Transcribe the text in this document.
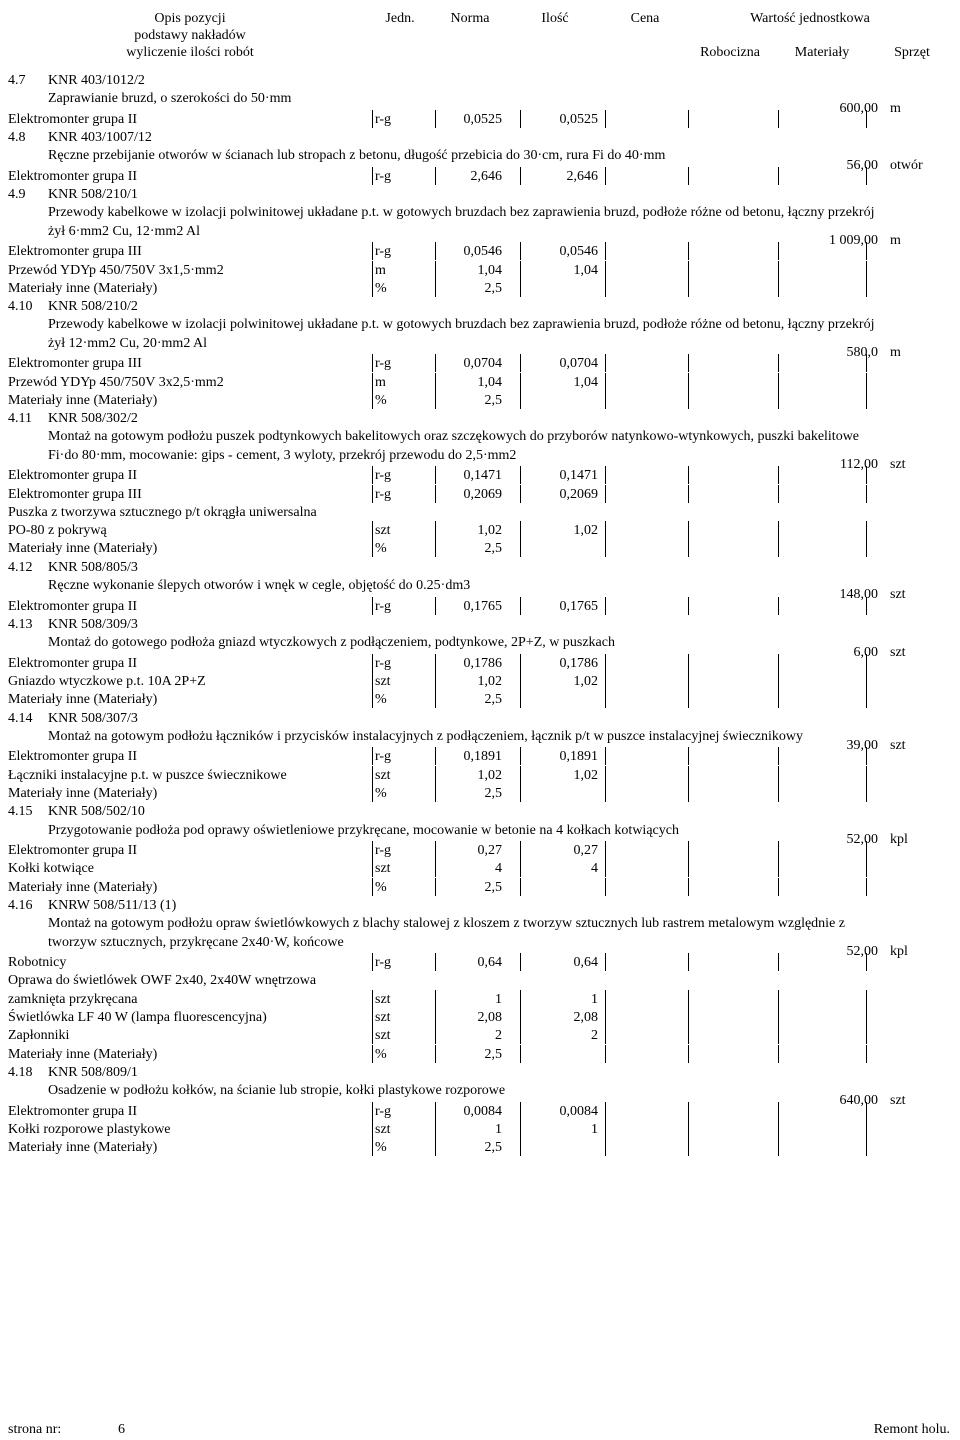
Opis pozycji
podstawy nakładów
wyliczenie ilości robót
Jedn.	Norma	Ilość	Cena	Wartość jednostkowa
Robocizna	Materiały	Sprzęt
4.7 KNR 403/1012/2
Zaprawianie bruzd, o szerokości do 50·mm
600,00 m
Elektromonter grupa II	r-g	0,0525	0,0525
4.8 KNR 403/1007/12
Ręczne przebijanie otworów w ścianach lub stropach z betonu, długość przebicia do 30·cm, rura Fi do 40·mm
56,00 otwór
Elektromonter grupa II	r-g	2,646	2,646
4.9 KNR 508/210/1
Przewody kabelkowe w izolacji polwinitowej układane p.t. w gotowych bruzdach bez zaprawienia bruzd, podłoże różne od betonu, łączny przekrój
żył 6·mm2 Cu, 12·mm2 Al
1 009,00 m
Elektromonter grupa III	r-g	0,0546	0,0546
Przewód YDYp 450/750V 3x1,5·mm2	m	1,04	1,04
Materiały inne (Materiały)	%	2,5
4.10 KNR 508/210/2
Przewody kabelkowe w izolacji polwinitowej układane p.t. w gotowych bruzdach bez zaprawienia bruzd, podłoże różne od betonu, łączny przekrój
żył 12·mm2 Cu, 20·mm2 Al
580,0 m
Elektromonter grupa III	r-g	0,0704	0,0704
Przewód YDYp 450/750V 3x2,5·mm2	m	1,04	1,04
Materiały inne (Materiały)	%	2,5
4.11 KNR 508/302/2
Montaż na gotowym podłożu puszek podtynkowych bakelitowych oraz szczękowych do przyborów natynkowo-wtynkowych, puszki bakelitowe
Fi·do 80·mm, mocowanie: gips - cement, 3 wyloty, przekrój przewodu do 2,5·mm2
112,00 szt
Elektromonter grupa II	r-g	0,1471	0,1471
Elektromonter grupa III	r-g	0,2069	0,2069
Puszka z tworzywa sztucznego p/t okrągła uniwersalna
PO-80 z pokrywą	szt	1,02	1,02
Materiały inne (Materiały)	%	2,5
4.12 KNR 508/805/3
Ręczne wykonanie ślepych otworów i wnęk w cegle, objętość do 0.25·dm3
148,00 szt
Elektromonter grupa II	r-g	0,1765	0,1765
4.13 KNR 508/309/3
Montaż do gotowego podłoża gniazd wtyczkowych z podłączeniem, podtynkowe, 2P+Z, w puszkach
6,00 szt
Elektromonter grupa II	r-g	0,1786	0,1786
Gniazdo wtyczkowe p.t. 10A 2P+Z	szt	1,02	1,02
Materiały inne (Materiały)	%	2,5
4.14 KNR 508/307/3
Montaż na gotowym podłożu łączników i przycisków instalacyjnych z podłączeniem, łącznik p/t w puszce instalacyjnej świecznikowy
39,00 szt
Elektromonter grupa II	r-g	0,1891	0,1891
Łączniki instalacyjne p.t. w puszce świecznikowe	szt	1,02	1,02
Materiały inne (Materiały)	%	2,5
4.15 KNR 508/502/10
Przygotowanie podłoża pod oprawy oświetleniowe przykręcane, mocowanie w betonie na 4 kołkach kotwiących
52,00 kpl
Elektromonter grupa II	r-g	0,27	0,27
Kołki kotwiące	szt	4	4
Materiały inne (Materiały)	%	2,5
4.16 KNRW 508/511/13 (1)
Montaż na gotowym podłożu opraw świetlówkowych z blachy stalowej z kloszem z tworzyw sztucznych lub rastrem metalowym względnie z
tworzyw sztucznych, przykręcane 2x40·W, końcowe
52,00 kpl
Robotnicy	r-g	0,64	0,64
Oprawa do świetlówek OWF 2x40, 2x40W wnętrzowa
zamknięta przykręcana	szt	1	1
Świetlówka LF 40 W (lampa fluorescencyjna)	szt	2,08	2,08
Zapłonniki	szt	2	2
Materiały inne (Materiały)	%	2,5
4.18 KNR 508/809/1
Osadzenie w podłożu kołków, na ścianie lub stropie, kołki plastykowe rozporowe
640,00 szt
Elektromonter grupa II	r-g	0,0084	0,0084
Kołki rozporowe plastykowe	szt	1	1
Materiały inne (Materiały)	%	2,5
strona nr:	6	Remont holu.
